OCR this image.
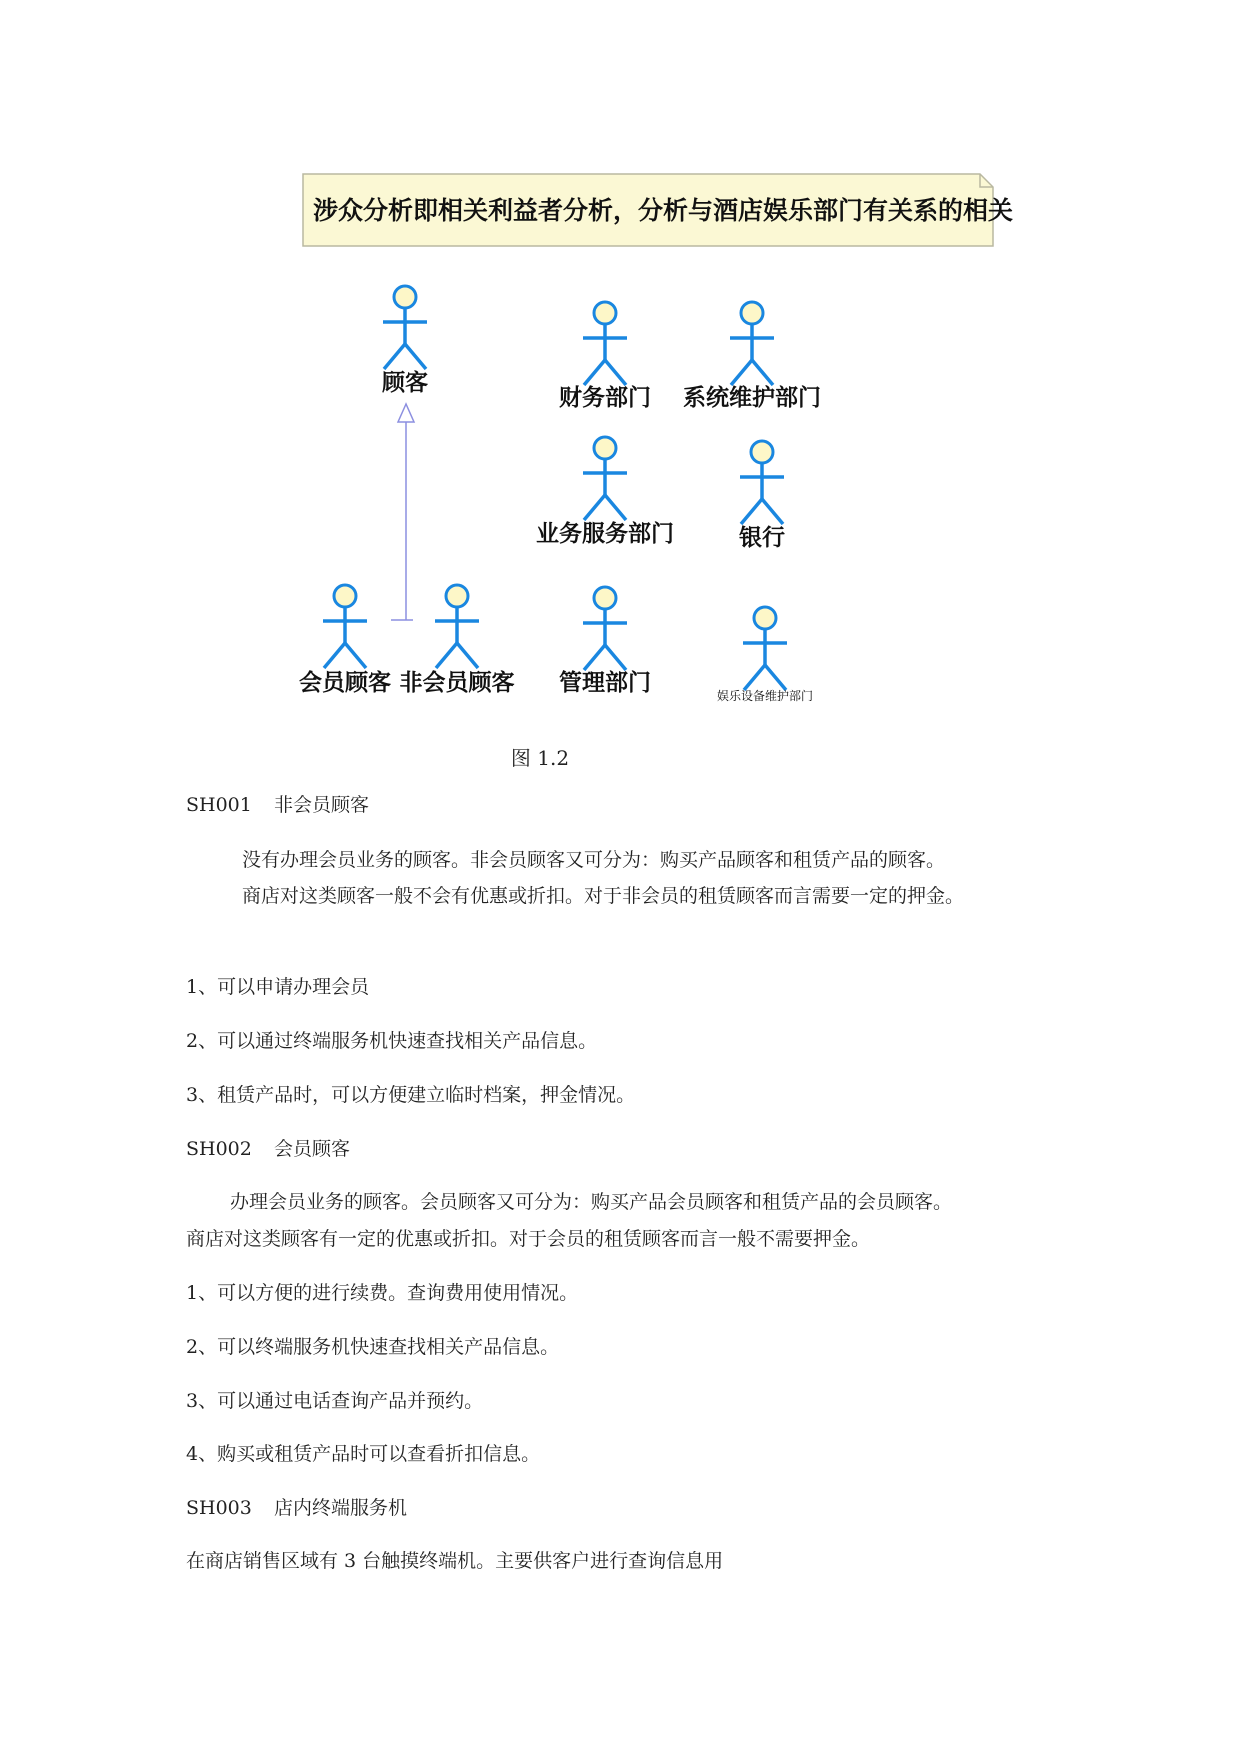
涉众分析即相关利益者分析，分析与酒店娱乐部门有关系的相关
顾客
财务部门 系统维护部门
业务服务部门	银行
会员顾客 非会员顾客 管理部门	娱乐设备维护部门
图 1.2
SH001 非会员顾客
没有办理会员业务的顾客。非会员顾客又可分为：购买产品顾客和租赁产品的顾客。
商店对这类顾客一般不会有优惠或折扣。对于非会员的租赁顾客而言需要一定的押金。
1、可以申请办理会员
2、可以通过终端服务机快速查找相关产品信息。
3、租赁产品时，可以方便建立临时档案，押金情况。
SH002 会员顾客
办理会员业务的顾客。会员顾客又可分为：购买产品会员顾客和租赁产品的会员顾客。
商店对这类顾客有一定的优惠或折扣。对于会员的租赁顾客而言一般不需要押金。
1、可以方便的进行续费。查询费用使用情况。
2、可以终端服务机快速查找相关产品信息。
3、可以通过电话查询产品并预约。
4、购买或租赁产品时可以查看折扣信息。
SH003 店内终端服务机
在商店销售区域有 3 台触摸终端机。主要供客户进行查询信息用
